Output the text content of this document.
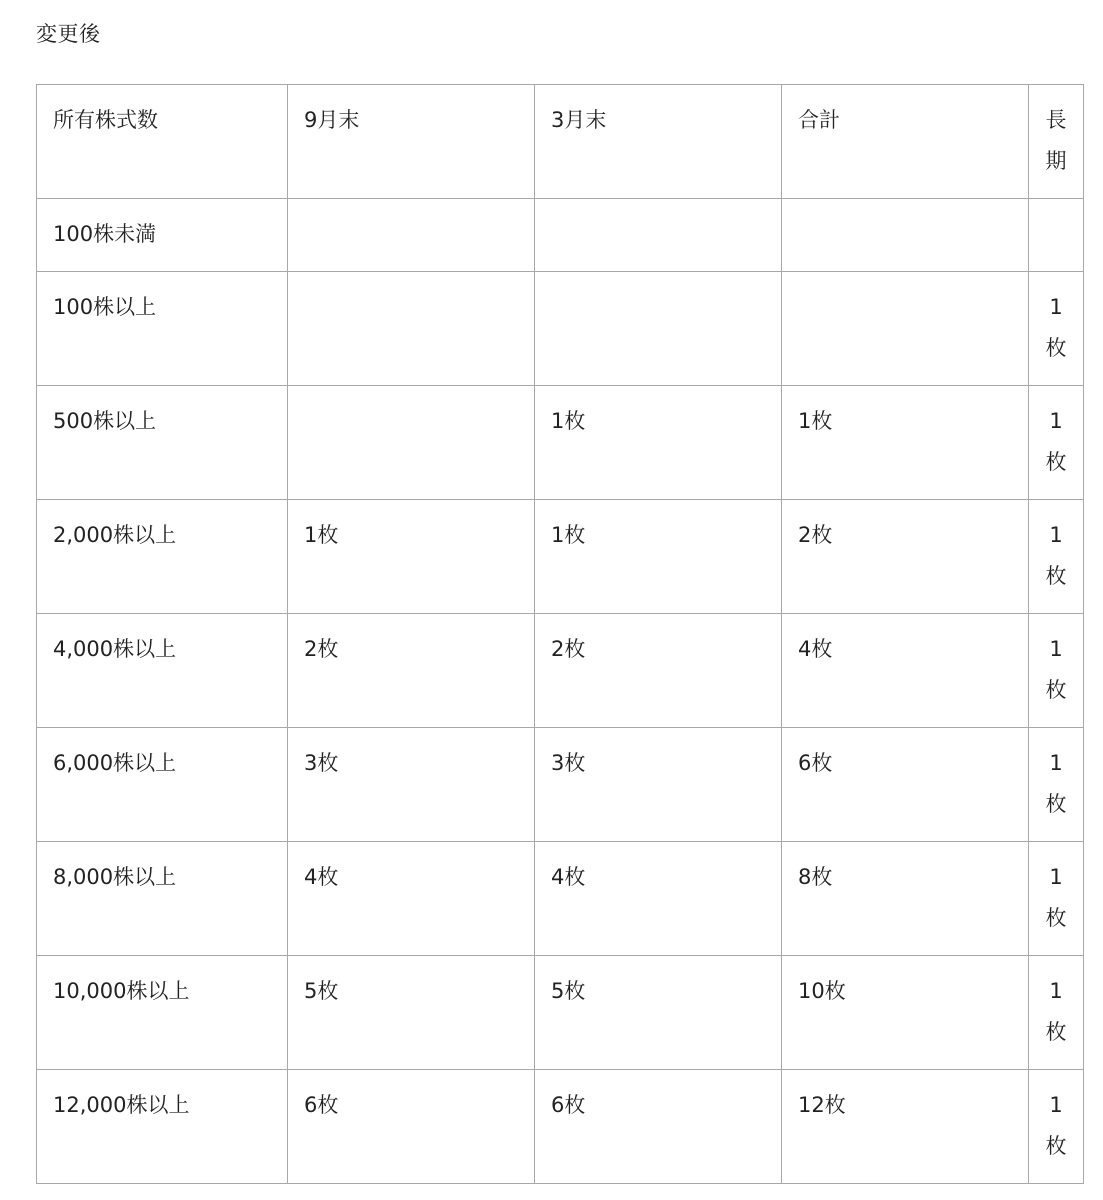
変更後
所有株式数	9月末	3月末	合計	長期

100株未満				

100株以上				1枚

500株以上		1枚	1枚	1枚

2,000株以上	1枚	1枚	2枚	1枚

4,000株以上	2枚	2枚	4枚	1枚

6,000株以上	3枚	3枚	6枚	1枚

8,000株以上	4枚	4枚	8枚	1枚

10,000株以上	5枚	5枚	10枚	1枚

12,000株以上	6枚	6枚	12枚	1枚
